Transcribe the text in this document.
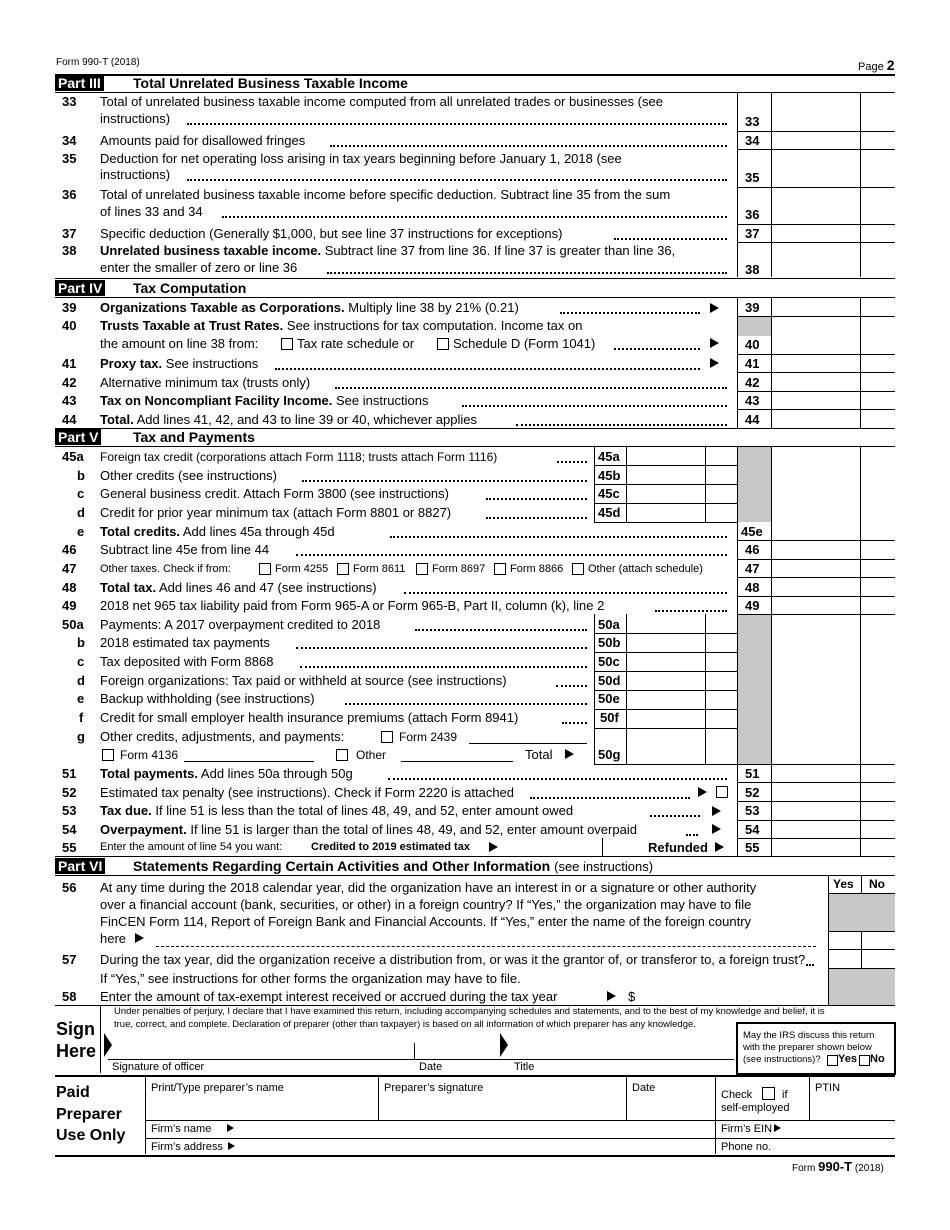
Form 990-T (2018)	Page 2
Part III Total Unrelated Business Taxable Income
33 Total of unrelated business taxable income computed from all unrelated trades or businesses (see
instructions)	33
34 Amounts paid for disallowed fringes	34
35 Deduction for net operating loss arising in tax years beginning before January 1, 2018 (see
instructions)	35
36 Total of unrelated business taxable income before specific deduction. Subtract line 35 from the sum
of lines 33 and 34	36
37 Specific deduction (Generally $1,000, but see line 37 instructions for exceptions)	37
38 Unrelated business taxable income. Subtract line 37 from line 36. If line 37 is greater than line 36,
enter the smaller of zero or line 36	38
Part IV Tax Computation
39 Organizations Taxable as Corporations. Multiply line 38 by 21% (0.21)	39
40 Trusts Taxable at Trust Rates. See instructions for tax computation. Income tax on
the amount on line 38 from:	Tax rate schedule or	Schedule D (Form 1041)	40
41 Proxy tax. See instructions	41
42 Alternative minimum tax (trusts only)	42
43 Tax on Noncompliant Facility Income. See instructions	43
44 Total. Add lines 41, 42, and 43 to line 39 or 40, whichever applies	44
Part V Tax and Payments
45a Foreign tax credit (corporations attach Form 1118; trusts attach Form 1116)	45a
b Other credits (see instructions)	45b
c General business credit. Attach Form 3800 (see instructions)	45c
d Credit for prior year minimum tax (attach Form 8801 or 8827)	45d
e Total credits. Add lines 45a through 45d	45e
46 Subtract line 45e from line 44	46
47 Other taxes. Check if from:	Form 4255 Form 8611 Form 8697 Form 8866 Other (attach schedule)	47
48 Total tax. Add lines 46 and 47 (see instructions)	48
49 2018 net 965 tax liability paid from Form 965-A or Form 965-B, Part II, column (k), line 2	49
50a Payments: A 2017 overpayment credited to 2018	50a
b 2018 estimated tax payments	50b
c Tax deposited with Form 8868	50c
d Foreign organizations: Tax paid or withheld at source (see instructions)	50d
e Backup withholding (see instructions)	50e
f Credit for small employer health insurance premiums (attach Form 8941)	50f
g Other credits, adjustments, and payments:	Form 2439
Form 4136	Other	Total	50g
51 Total payments. Add lines 50a through 50g	51
52 Estimated tax penalty (see instructions). Check if Form 2220 is attached	52
53 Tax due. If line 51 is less than the total of lines 48, 49, and 52, enter amount owed	53
54 Overpayment. If line 51 is larger than the total of lines 48, 49, and 52, enter amount overpaid	54
55 Enter the amount of line 54 you want:	Credited to 2019 estimated tax	Refunded	55
Part VI Statements Regarding Certain Activities and Other Information (see instructions)
Yes No
56 At any time during the 2018 calendar year, did the organization have an interest in or a signature or other authority
over a financial account (bank, securities, or other) in a foreign country? If “Yes,” the organization may have to file
FinCEN Form 114, Report of Foreign Bank and Financial Accounts. If “Yes,” enter the name of the foreign country
here
57 During the tax year, did the organization receive a distribution from, or was it the grantor of, or transferor to, a foreign trust?
If “Yes,” see instructions for other forms the organization may have to file.
58 Enter the amount of tax-exempt interest received or accrued during the tax year	$
Under penalties of perjury, I declare that I have examined this return, including accompanying schedules and statements, and to the best of my knowledge and belief, it is
true, correct, and complete. Declaration of preparer (other than taxpayer) is based on all information of which preparer has any knowledge.
Sign
Here
Signature of officer	Date	Title
May the IRS discuss this return
with the preparer shown below
(see instructions)? Yes No
Paid
Preparer
Use Only
Print/Type preparer’s name	Preparer’s signature	Date
Check	if
self-employed
PTIN
Firm’s name	Firm’s EIN
Firm’s address	Phone no.
Form 990-T (2018)
